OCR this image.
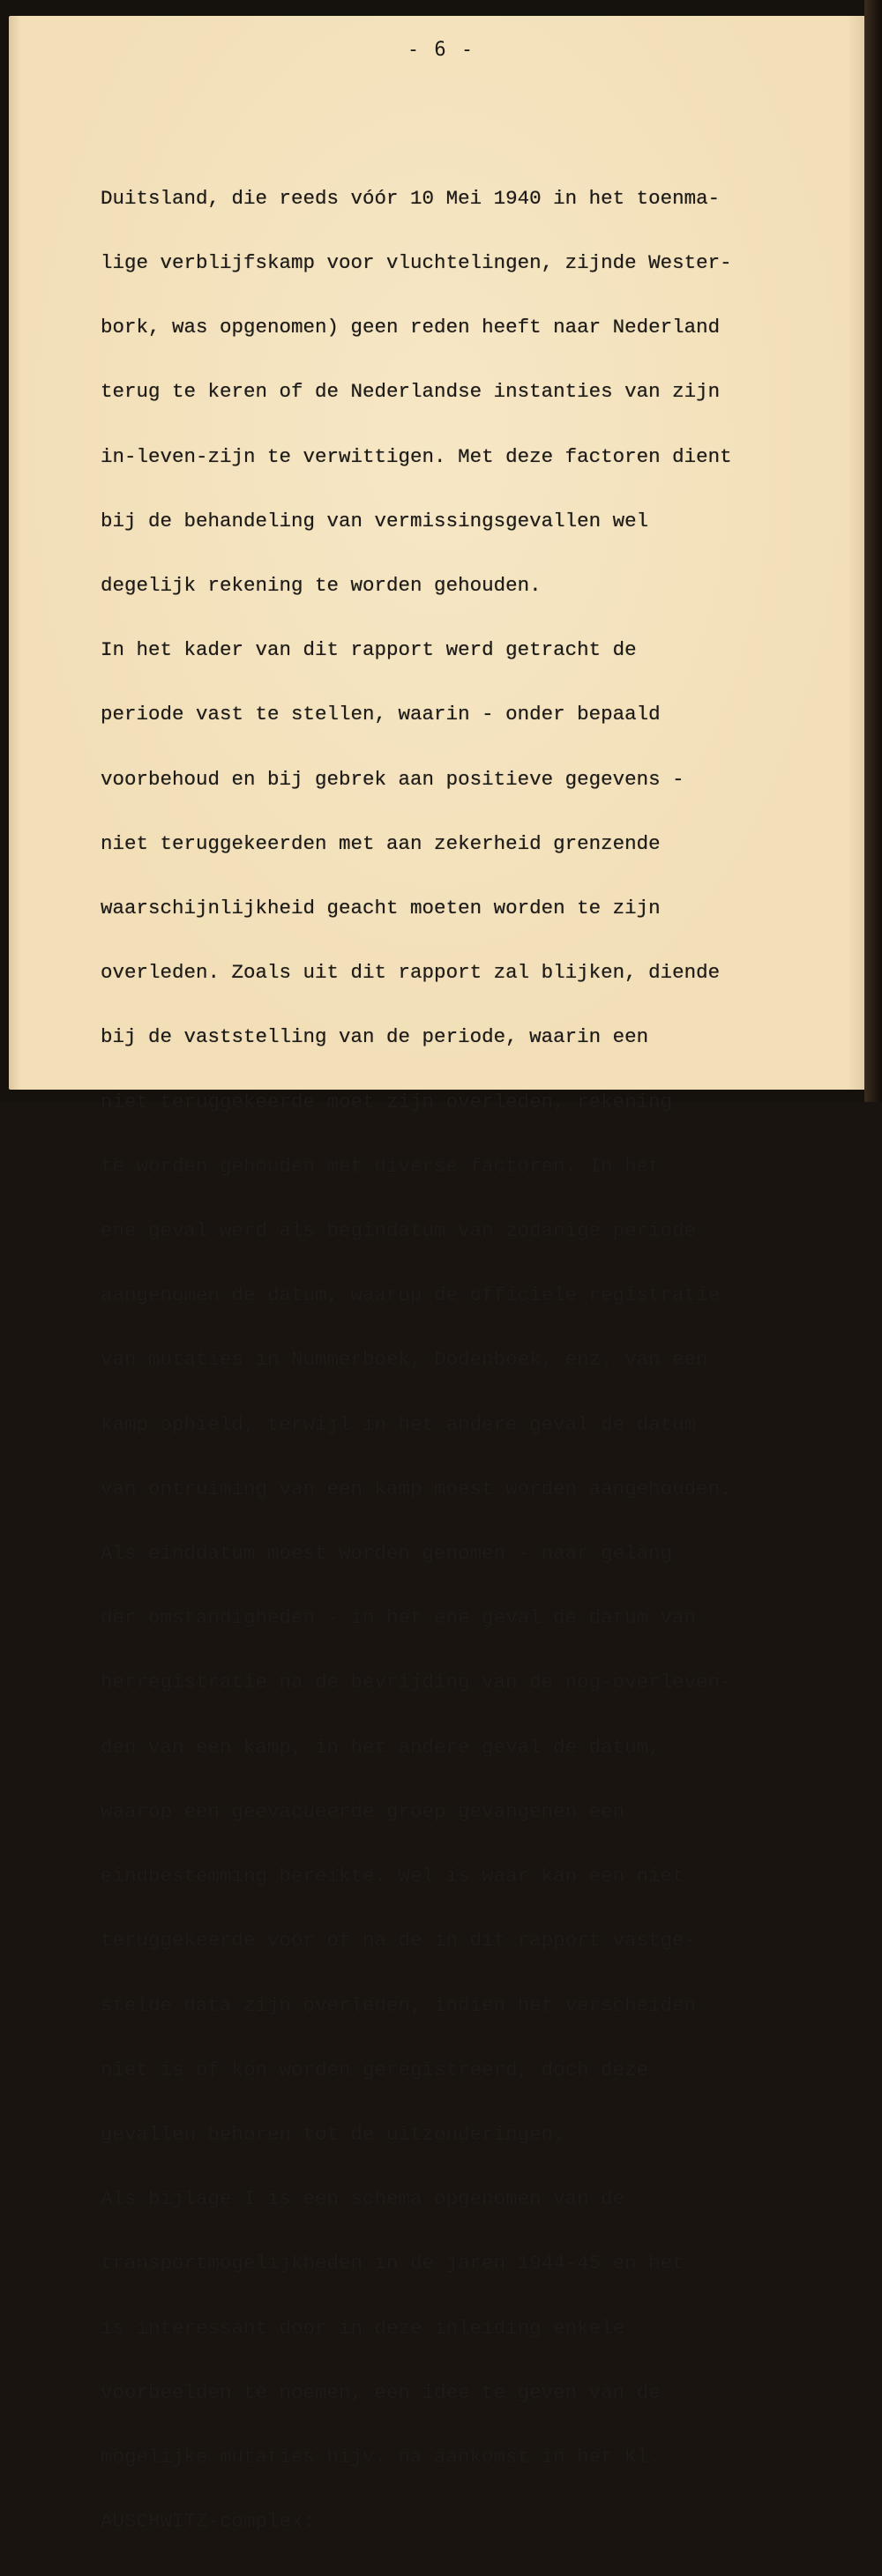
- 6 -

Duitsland, die reeds vóór 10 Mei 1940 in het toenma-

lige verblijfskamp voor vluchtelingen, zijnde Wester-

bork, was opgenomen) geen reden heeft naar Nederland

terug te keren of de Nederlandse instanties van zijn

in-leven-zijn te verwittigen. Met deze factoren dient

bij de behandeling van vermissingsgevallen wel

degelijk rekening te worden gehouden.

In het kader van dit rapport werd getracht de

periode vast te stellen, waarin - onder bepaald

voorbehoud en bij gebrek aan positieve gegevens -

niet teruggekeerden met aan zekerheid grenzende

waarschijnlijkheid geacht moeten worden te zijn

overleden. Zoals uit dit rapport zal blijken, diende

bij de vaststelling van de periode, waarin een

niet teruggekeerde moet zijn overleden, rekening

te worden gehouden met diverse factoren. In het

ene geval werd als begindatum van zodanige periode

aangenomen de datum, waarop de officiele registratie

van mutaties in Nummerboek, Dodenboek, enz. van een

kamp ophield, terwijl in het andere geval de datum

van ontruiming van een kamp moest worden aangehouden.

Als einddatum moest worden genomen - naar gelang

der omstandigheden - in het ene geval de datum van

herregistratie na de bevrijding van de nog-overleven-

den van een kamp, in het andere geval de datum,

waarop een geëvacueerde groep gevangenen een

eindbestemming bereikte. Wel is waar kan een niet

teruggekeerde vóór of na de in dit rapport vastge-

stelde data zijn overleden, indien het verscheiden

niet is of kon worden geregistreerd, doch deze

gevallen behoren tot de uitzonderingen.

Als bijlage I is een schema opgenomen van de

transportmogelijkheden in de jaren 1944-45 en het

is interessant door in deze inleiding enkele

voorbeelden te noemen, een idee te geven van de

mogelijke mutaties bijv. na aankomst in het Kl.

AUSCHWITZ-complex:
